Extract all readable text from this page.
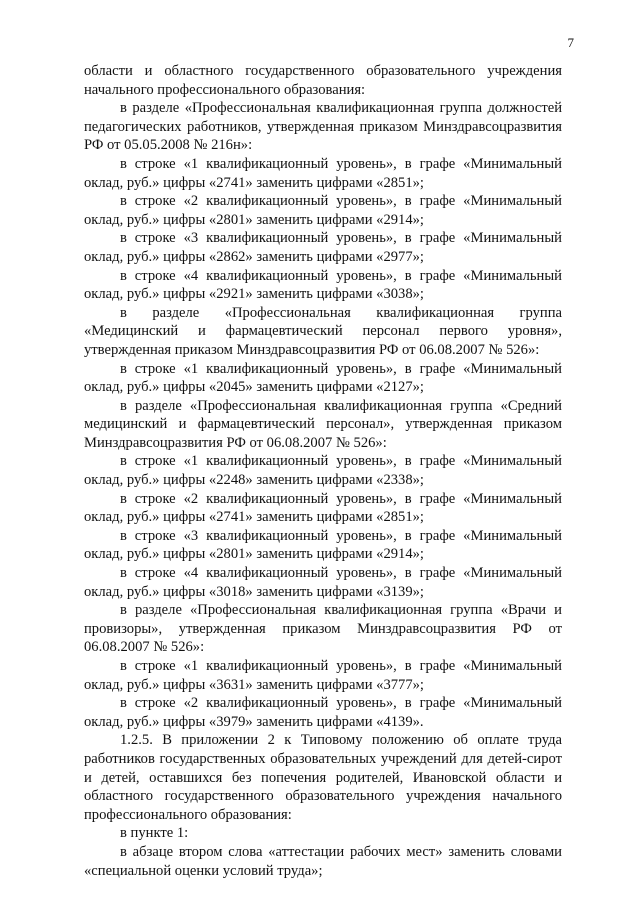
7

области и областного государственного образовательного учреждения начального профессионального образования:

в разделе «Профессиональная квалификационная группа должностей педагогических работников, утвержденная приказом Минздравсоцразвития РФ от 05.05.2008 № 216н»:

в строке «1 квалификационный уровень», в графе «Минимальный оклад, руб.» цифры «2741» заменить цифрами «2851»;

в строке «2 квалификационный уровень», в графе «Минимальный оклад, руб.» цифры «2801» заменить цифрами «2914»;

в строке «3 квалификационный уровень», в графе «Минимальный оклад, руб.» цифры «2862» заменить цифрами «2977»;

в строке «4 квалификационный уровень», в графе «Минимальный оклад, руб.» цифры «2921» заменить цифрами «3038»;

в разделе «Профессиональная квалификационная группа «Медицинский и фармацевтический персонал первого уровня», утвержденная приказом Минздравсоцразвития РФ от 06.08.2007 № 526»:

в строке «1 квалификационный уровень», в графе «Минимальный оклад, руб.» цифры «2045» заменить цифрами «2127»;

в разделе «Профессиональная квалификационная группа «Средний медицинский и фармацевтический персонал», утвержденная приказом Минздравсоцразвития РФ от 06.08.2007 № 526»:

в строке «1 квалификационный уровень», в графе «Минимальный оклад, руб.» цифры «2248» заменить цифрами «2338»;

в строке «2 квалификационный уровень», в графе «Минимальный оклад, руб.» цифры «2741» заменить цифрами «2851»;

в строке «3 квалификационный уровень», в графе «Минимальный оклад, руб.» цифры «2801» заменить цифрами «2914»;

в строке «4 квалификационный уровень», в графе «Минимальный оклад, руб.» цифры «3018» заменить цифрами «3139»;

в разделе «Профессиональная квалификационная группа «Врачи и провизоры», утвержденная приказом Минздравсоцразвития РФ от 06.08.2007 № 526»:

в строке «1 квалификационный уровень», в графе «Минимальный оклад, руб.» цифры «3631» заменить цифрами «3777»;

в строке «2 квалификационный уровень», в графе «Минимальный оклад, руб.» цифры «3979» заменить цифрами «4139».

1.2.5. В приложении 2 к Типовому положению об оплате труда работников государственных образовательных учреждений для детей-сирот и детей, оставшихся без попечения родителей, Ивановской области и областного государственного образовательного учреждения начального профессионального образования:

в пункте 1:

в абзаце втором слова «аттестации рабочих мест» заменить словами «специальной оценки условий труда»;
